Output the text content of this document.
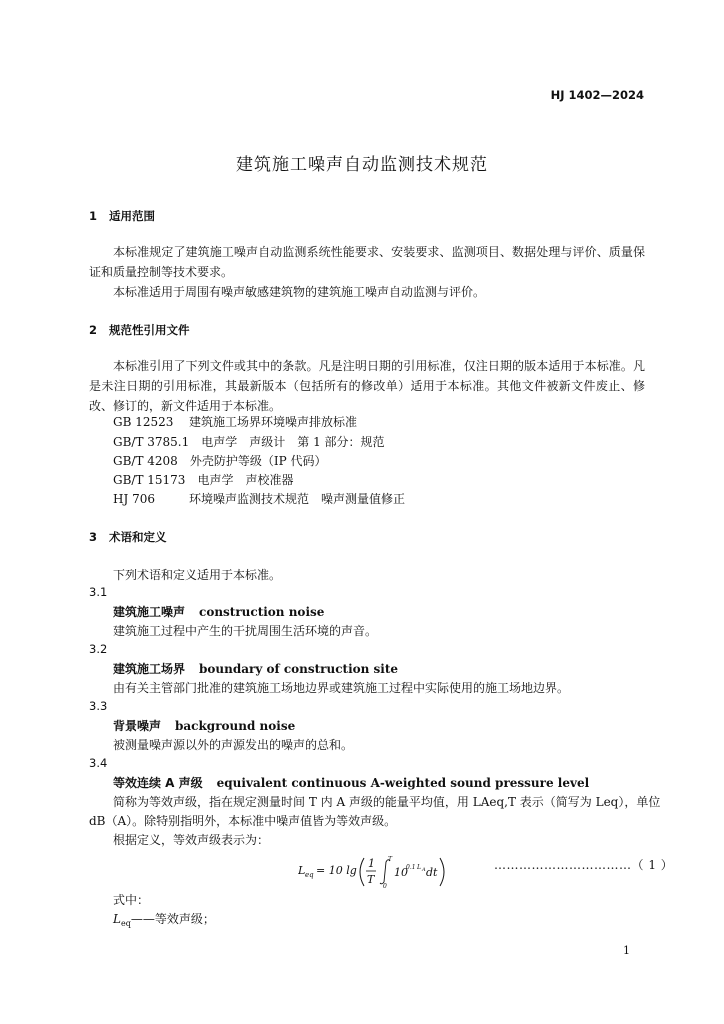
HJ 1402—2024
建筑施工噪声自动监测技术规范
1 适用范围
本标准规定了建筑施工噪声自动监测系统性能要求、安装要求、监测项目、数据处理与评价、质量保证和质量控制等技术要求。
本标准适用于周围有噪声敏感建筑物的建筑施工噪声自动监测与评价。
2 规范性引用文件
本标准引用了下列文件或其中的条款。凡是注明日期的引用标准，仅注日期的版本适用于本标准。凡是未注日期的引用标准，其最新版本（包括所有的修改单）适用于本标准。其他文件被新文件废止、修改、修订的，新文件适用于本标准。
GB 12523　 建筑施工场界环境噪声排放标准
GB/T 3785.1　 电声学　声级计　第 1 部分：规范
GB/T 4208　 外壳防护等级（IP 代码）
GB/T 15173　 电声学　声校准器
HJ 706　	环境噪声监测技术规范　噪声测量值修正
3 术语和定义
下列术语和定义适用于本标准。
3.1
建筑施工噪声 construction noise
建筑施工过程中产生的干扰周围生活环境的声音。
3.2
建筑施工场界 boundary of construction site
由有关主管部门批准的建筑施工场地边界或建筑施工过程中实际使用的施工场地边界。
3.3
背景噪声 background noise
被测量噪声源以外的声源发出的噪声的总和。
3.4
等效连续 A 声级 equivalent continuous A-weighted sound pressure level
简称为等效声级，指在规定测量时间 T 内 A 声级的能量平均值，用 LAeq,T 表示（简写为 Leq），单位
dB（A）。除特别指明外，本标准中噪声值皆为等效声级。
根据定义，等效声级表示为：
L eq = 10 lg
1
T
T
0
10
0.1 L A d t
……………………………（ 1 ）
式中：
$L_{eq}——$等效声级；
1
